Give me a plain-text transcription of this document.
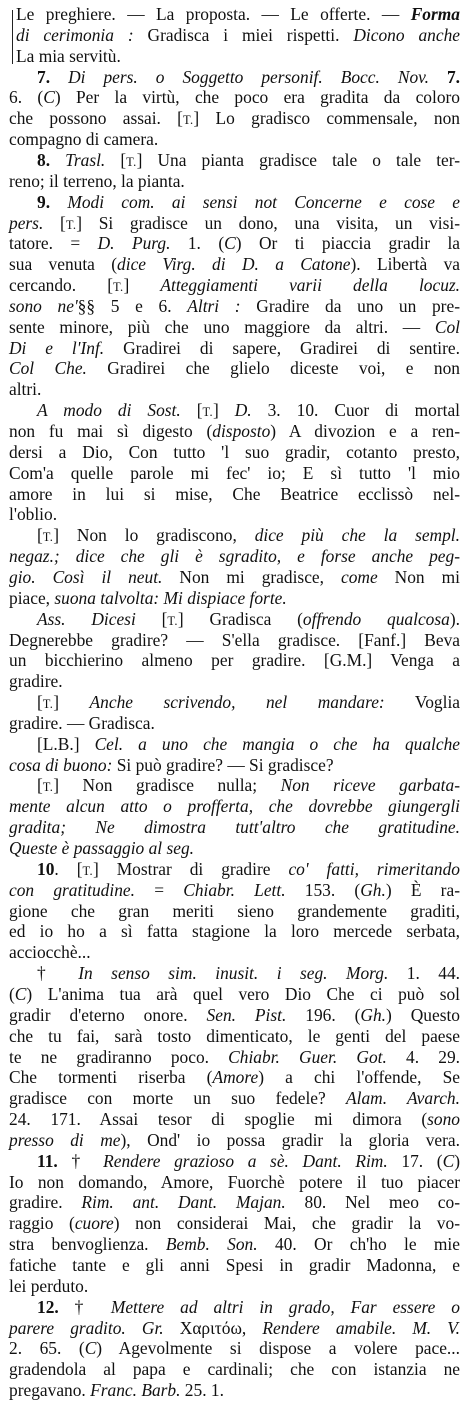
Le preghiere. — La proposta. — Le offerte. — Forma
di cerimonia : Gradisca i miei rispetti. Dicono anche
La mia servitù.
7. Di pers. o Soggetto personif. Bocc. Nov. 7.
6. (C) Per la virtù, che poco era gradita da coloro
che possono assai. [T.] Lo gradisco commensale, non
compagno di camera.
8. Trasl. [T.] Una pianta gradisce tale o tale ter-
reno; il terreno, la pianta.
9. Modi com. ai sensi not Concerne e cose e
pers. [T.] Si gradisce un dono, una visita, un visi-
tatore. = D. Purg. 1. (C) Or ti piaccia gradir la
sua venuta (dice Virg. di D. a Catone). Libertà va
cercando. [T.] Atteggiamenti varii della locuz.
sono ne'§§ 5 e 6. Altri : Gradire da uno un pre-
sente minore, più che uno maggiore da altri. — Col
Di e l'Inf. Gradirei di sapere, Gradirei di sentire.
Col Che. Gradirei che glielo diceste voi, e non
altri.
A modo di Sost. [T.] D. 3. 10. Cuor di mortal
non fu mai sì digesto (disposto) A divozion e a ren-
dersi a Dio, Con tutto 'l suo gradir, cotanto presto,
Com'a quelle parole mi fec' io; E sì tutto 'l mio
amore in lui si mise, Che Beatrice ecclissò nel-
l'oblio.
[T.] Non lo gradiscono, dice più che la sempl.
negaz.; dice che gli è sgradito, e forse anche peg-
gio. Così il neut. Non mi gradisce, come Non mi
piace, suona talvolta: Mi dispiace forte.
Ass. Dicesi [T.] Gradisca (offrendo qualcosa).
Degnerebbe gradire? — S'ella gradisce. [Fanf.] Beva
un bicchierino almeno per gradire. [G.M.] Venga a
gradire.
[T.] Anche scrivendo, nel mandare: Voglia
gradire. — Gradisca.
[L.B.] Cel. a uno che mangia o che ha qualche
cosa di buono: Si può gradire? — Si gradisce?
[T.] Non gradisce nulla; Non riceve garbata-
mente alcun atto o profferta, che dovrebbe giungergli
gradita; Ne dimostra tutt'altro che gratitudine.
Queste è passaggio al seg.
10. [T.] Mostrar di gradire co' fatti, rimeritando
con gratitudine. = Chiabr. Lett. 153. (Gh.) È ra-
gione che gran meriti sieno grandemente graditi,
ed io ho a sì fatta stagione la loro mercede serbata,
acciocchè...
† In senso sim. inusit. i seg. Morg. 1. 44.
(C) L'anima tua arà quel vero Dio Che ci può sol
gradir d'eterno onore. Sen. Pist. 196. (Gh.) Questo
che tu fai, sarà tosto dimenticato, le genti del paese
te ne gradiranno poco. Chiabr. Guer. Got. 4. 29.
Che tormenti riserba (Amore) a chi l'offende, Se
gradisce con morte un suo fedele? Alam. Avarch.
24. 171. Assai tesor di spoglie mi dimora (sono
presso di me), Ond' io possa gradir la gloria vera.
11. † Rendere grazioso a sè. Dant. Rim. 17. (C)
Io non domando, Amore, Fuorchè potere il tuo piacer
gradire. Rim. ant. Dant. Majan. 80. Nel meo co-
raggio (cuore) non considerai Mai, che gradir la vo-
stra benvoglienza. Bemb. Son. 40. Or ch'ho le mie
fatiche tante e gli anni Spesi in gradir Madonna, e
lei perduto.
12. † Mettere ad altri in grado, Far essere o
parere gradito. Gr. Χαριτόω, Rendere amabile. M. V.
2. 65. (C) Agevolmente si dispose a volere pace...
gradendola al papa e cardinali; che con istanzia ne
pregavano. Franc. Barb. 25. 1.
